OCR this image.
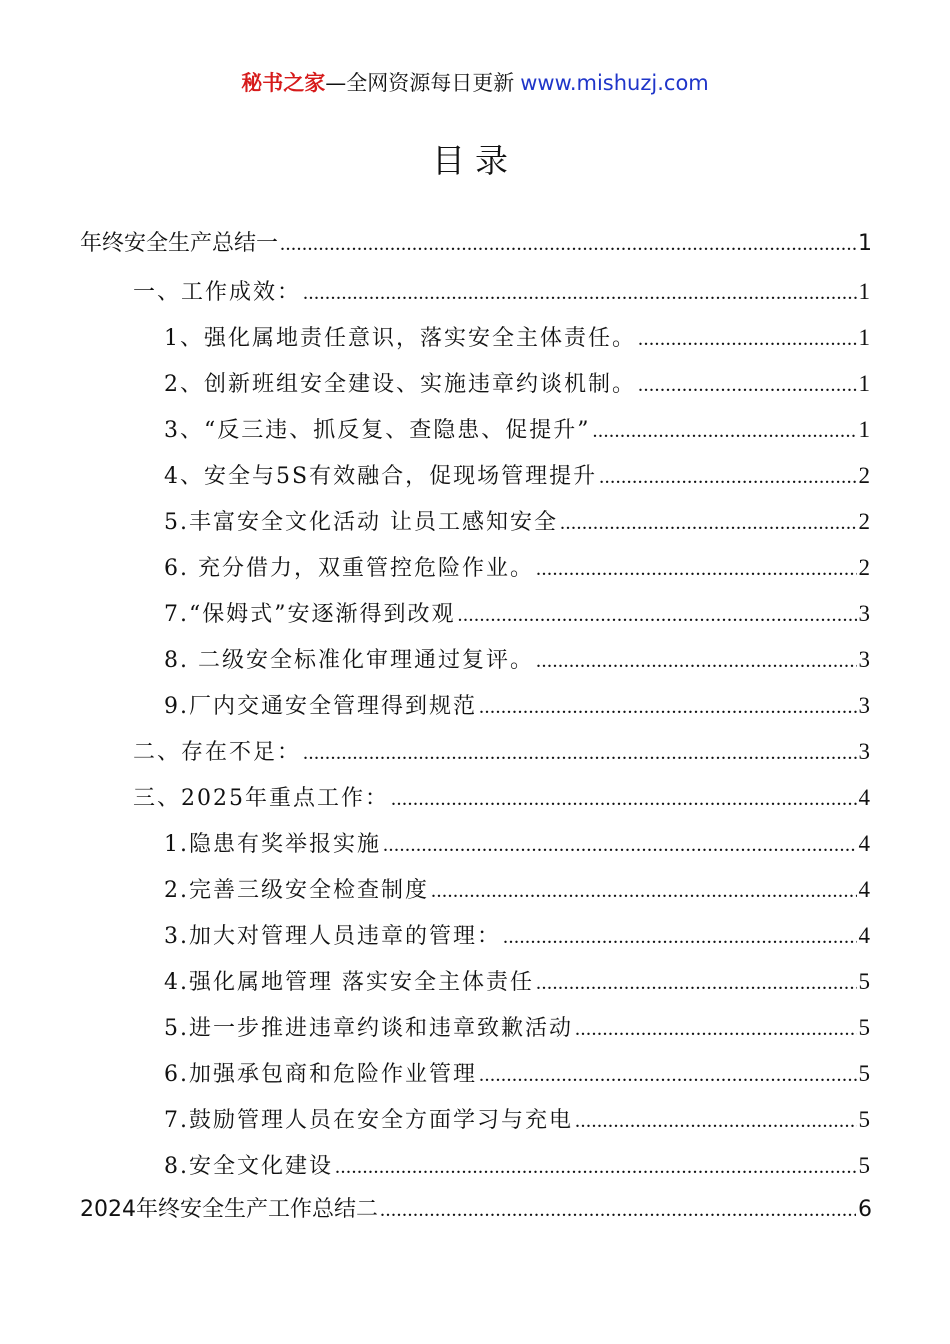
秘书之家—全网资源每日更新 www.mishuzj.com
目录
年终安全生产总结一 .....	1
一、工作成效： .....	1
1、强化属地责任意识，落实安全主体责任。 .....	1
2、创新班组安全建设、实施违章约谈机制。 .....	1
3、“反三违、抓反复、查隐患、促提升” .....	1
4、安全与5S有效融合，促现场管理提升 .....	2
5.丰富安全文化活动 让员工感知安全 .....	2
6. 充分借力，双重管控危险作业。 .....	2
7.“保姆式”安逐渐得到改观 .....	3
8. 二级安全标准化审理通过复评。 .....	3
9.厂内交通安全管理得到规范 .....	3
二、存在不足： .....	3
三、2025年重点工作： .....	4
1.隐患有奖举报实施 .....	4
2.完善三级安全检查制度 .....	4
3.加大对管理人员违章的管理： .....	4
4.强化属地管理 落实安全主体责任 .....	5
5.进一步推进违章约谈和违章致歉活动 .....	5
6.加强承包商和危险作业管理 .....	5
7.鼓励管理人员在安全方面学习与充电 .....	5
8.安全文化建设 .....	5
2024年终安全生产工作总结二 .....	6
